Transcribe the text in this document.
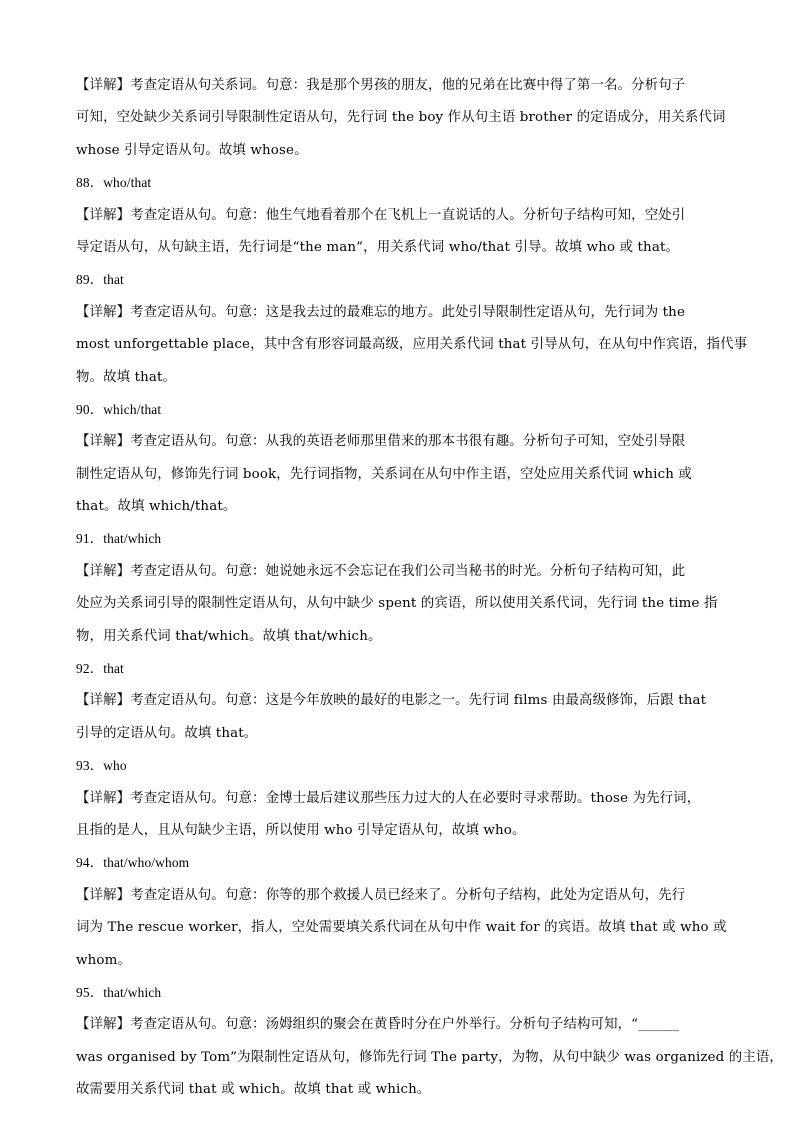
【详解】考查定语从句关系词。句意：我是那个男孩的朋友，他的兄弟在比赛中得了第一名。分析句子
可知，空处缺少关系词引导限制性定语从句，先行词 the boy 作从句主语 brother 的定语成分，用关系代词
whose 引导定语从句。故填 whose。
88．who/that
【详解】考查定语从句。句意：他生气地看着那个在飞机上一直说话的人。分析句子结构可知，空处引
导定语从句，从句缺主语，先行词是“the man”，用关系代词 who/that 引导。故填 who 或 that。
89．that
【详解】考查定语从句。句意：这是我去过的最难忘的地方。此处引导限制性定语从句，先行词为 the
most unforgettable place，其中含有形容词最高级，应用关系代词 that 引导从句，在从句中作宾语，指代事
物。故填 that。
90．which/that
【详解】考查定语从句。句意：从我的英语老师那里借来的那本书很有趣。分析句子可知，空处引导限
制性定语从句，修饰先行词 book，先行词指物，关系词在从句中作主语，空处应用关系代词 which 或
that。故填 which/that。
91．that/which
【详解】考查定语从句。句意：她说她永远不会忘记在我们公司当秘书的时光。分析句子结构可知，此
处应为关系词引导的限制性定语从句，从句中缺少 spent 的宾语，所以使用关系代词，先行词 the time 指
物，用关系代词 that/which。故填 that/which。
92．that
【详解】考查定语从句。句意：这是今年放映的最好的电影之一。先行词 films 由最高级修饰，后跟 that
引导的定语从句。故填 that。
93．who
【详解】考查定语从句。句意：金博士最后建议那些压力过大的人在必要时寻求帮助。those 为先行词，
且指的是人，且从句缺少主语，所以使用 who 引导定语从句，故填 who。
94．that/who/whom
【详解】考查定语从句。句意：你等的那个救援人员已经来了。分析句子结构，此处为定语从句，先行
词为 The rescue worker，指人，空处需要填关系代词在从句中作 wait for 的宾语。故填 that 或 who 或
whom。
95．that/which
【详解】考查定语从句。句意：汤姆组织的聚会在黄昏时分在户外举行。分析句子结构可知，“______
was organised by Tom”为限制性定语从句，修饰先行词 The party，为物，从句中缺少 was organized 的主语，
故需要用关系代词 that 或 which。故填 that 或 which。
